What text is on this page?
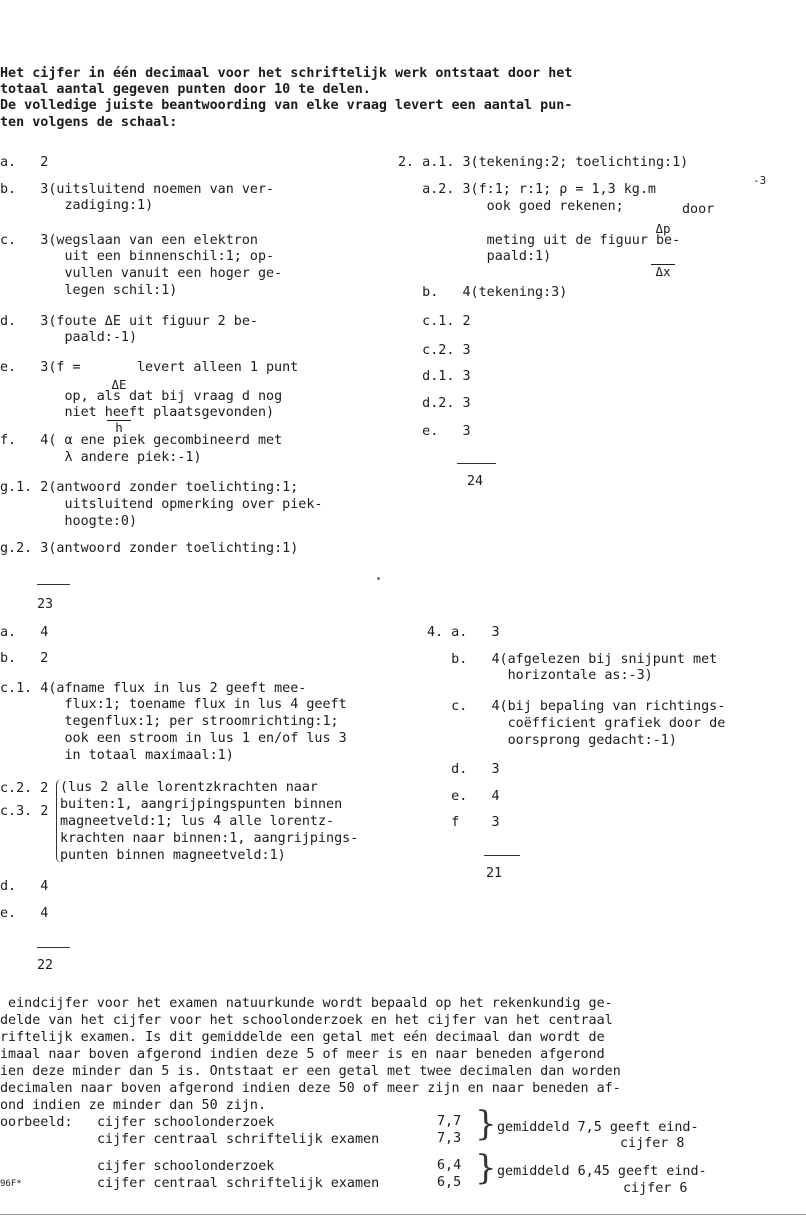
Het cijfer in één decimaal voor het schriftelijk werk ontstaat door het
totaal aantal gegeven punten door 10 te delen.
De volledige juiste beantwoording van elke vraag levert een aantal pun-
ten volgens de schaal:
a.   2
b.   3(uitsluitend noemen van ver-
zadiging:1)
c.   3(wegslaan van een elektron
uit een binnenschil:1; op-
vullen vanuit een hoger ge-
legen schil:1)
d.   3(foute ΔE uit figuur 2 be-
paald:-1)
e.   3(f =

$\frac{\Delta E}{h}$

levert alleen 1 punt
op, als dat bij vraag d nog
niet heeft plaatsgevonden)
f.   4( α ene piek gecombineerd met
λ andere piek:-1)
g.1. 2(antwoord zonder toelichting:1;
uitsluitend opmerking over piek-
hoogte:0)
g.2. 3(antwoord zonder toelichting:1)
23
2. a.1. 3(tekening:2; toelichting:1)
a.2. 3(f:1; r:1; ρ = 1,3 kg.m
-3
ook goed rekenen;

$\frac{\Delta p}{\Delta x}$

door
meting uit de figuur be-
paald:1)
b.   4(tekening:3)
c.1. 2
c.2. 3
d.1. 3
d.2. 3
e.   3
24
a.   4
b.   2
c.1. 4(afname flux in lus 2 geeft mee-
flux:1; toename flux in lus 4 geeft
tegenflux:1; per stroomrichting:1;
ook een stroom in lus 1 en/of lus 3
in totaal maximaal:1)
c.2. 2
c.3. 2
(lus 2 alle lorentzkrachten naar
buiten:1, aangrijpingspunten binnen
magneetveld:1; lus 4 alle lorentz-
krachten naar binnen:1, aangrijpings-
punten binnen magneetveld:1)
d.   4
e.   4
22
4. a.   3
b.   4(afgelezen bij snijpunt met
horizontale as:-3)
c.   4(bij bepaling van richtings-
coëfficient grafiek door de
oorsprong gedacht:-1)
d.   3
e.   4
f    3
21
eindcijfer voor het examen natuurkunde wordt bepaald op het rekenkundig ge-
delde van het cijfer voor het schoolonderzoek en het cijfer van het centraal
riftelijk examen. Is dit gemiddelde een getal met eén decimaal dan wordt de
imaal naar boven afgerond indien deze 5 of meer is en naar beneden afgerond
ien deze minder dan 5 is. Ontstaat er een getal met twee decimalen dan worden
decimalen naar boven afgerond indien deze 50 of meer zijn en naar beneden af-
ond indien ze minder dan 50 zijn.
oorbeeld: cijfer schoolonderzoek	7,7
cijfer centraal schriftelijk examen	7,3 } gemiddeld 7,5 geeft eind-
cijfer 8
cijfer schoolonderzoek	6,4
96F*	cijfer centraal schriftelijk examen	6,5 } gemiddeld 6,45 geeft eind-
cijfer 6
